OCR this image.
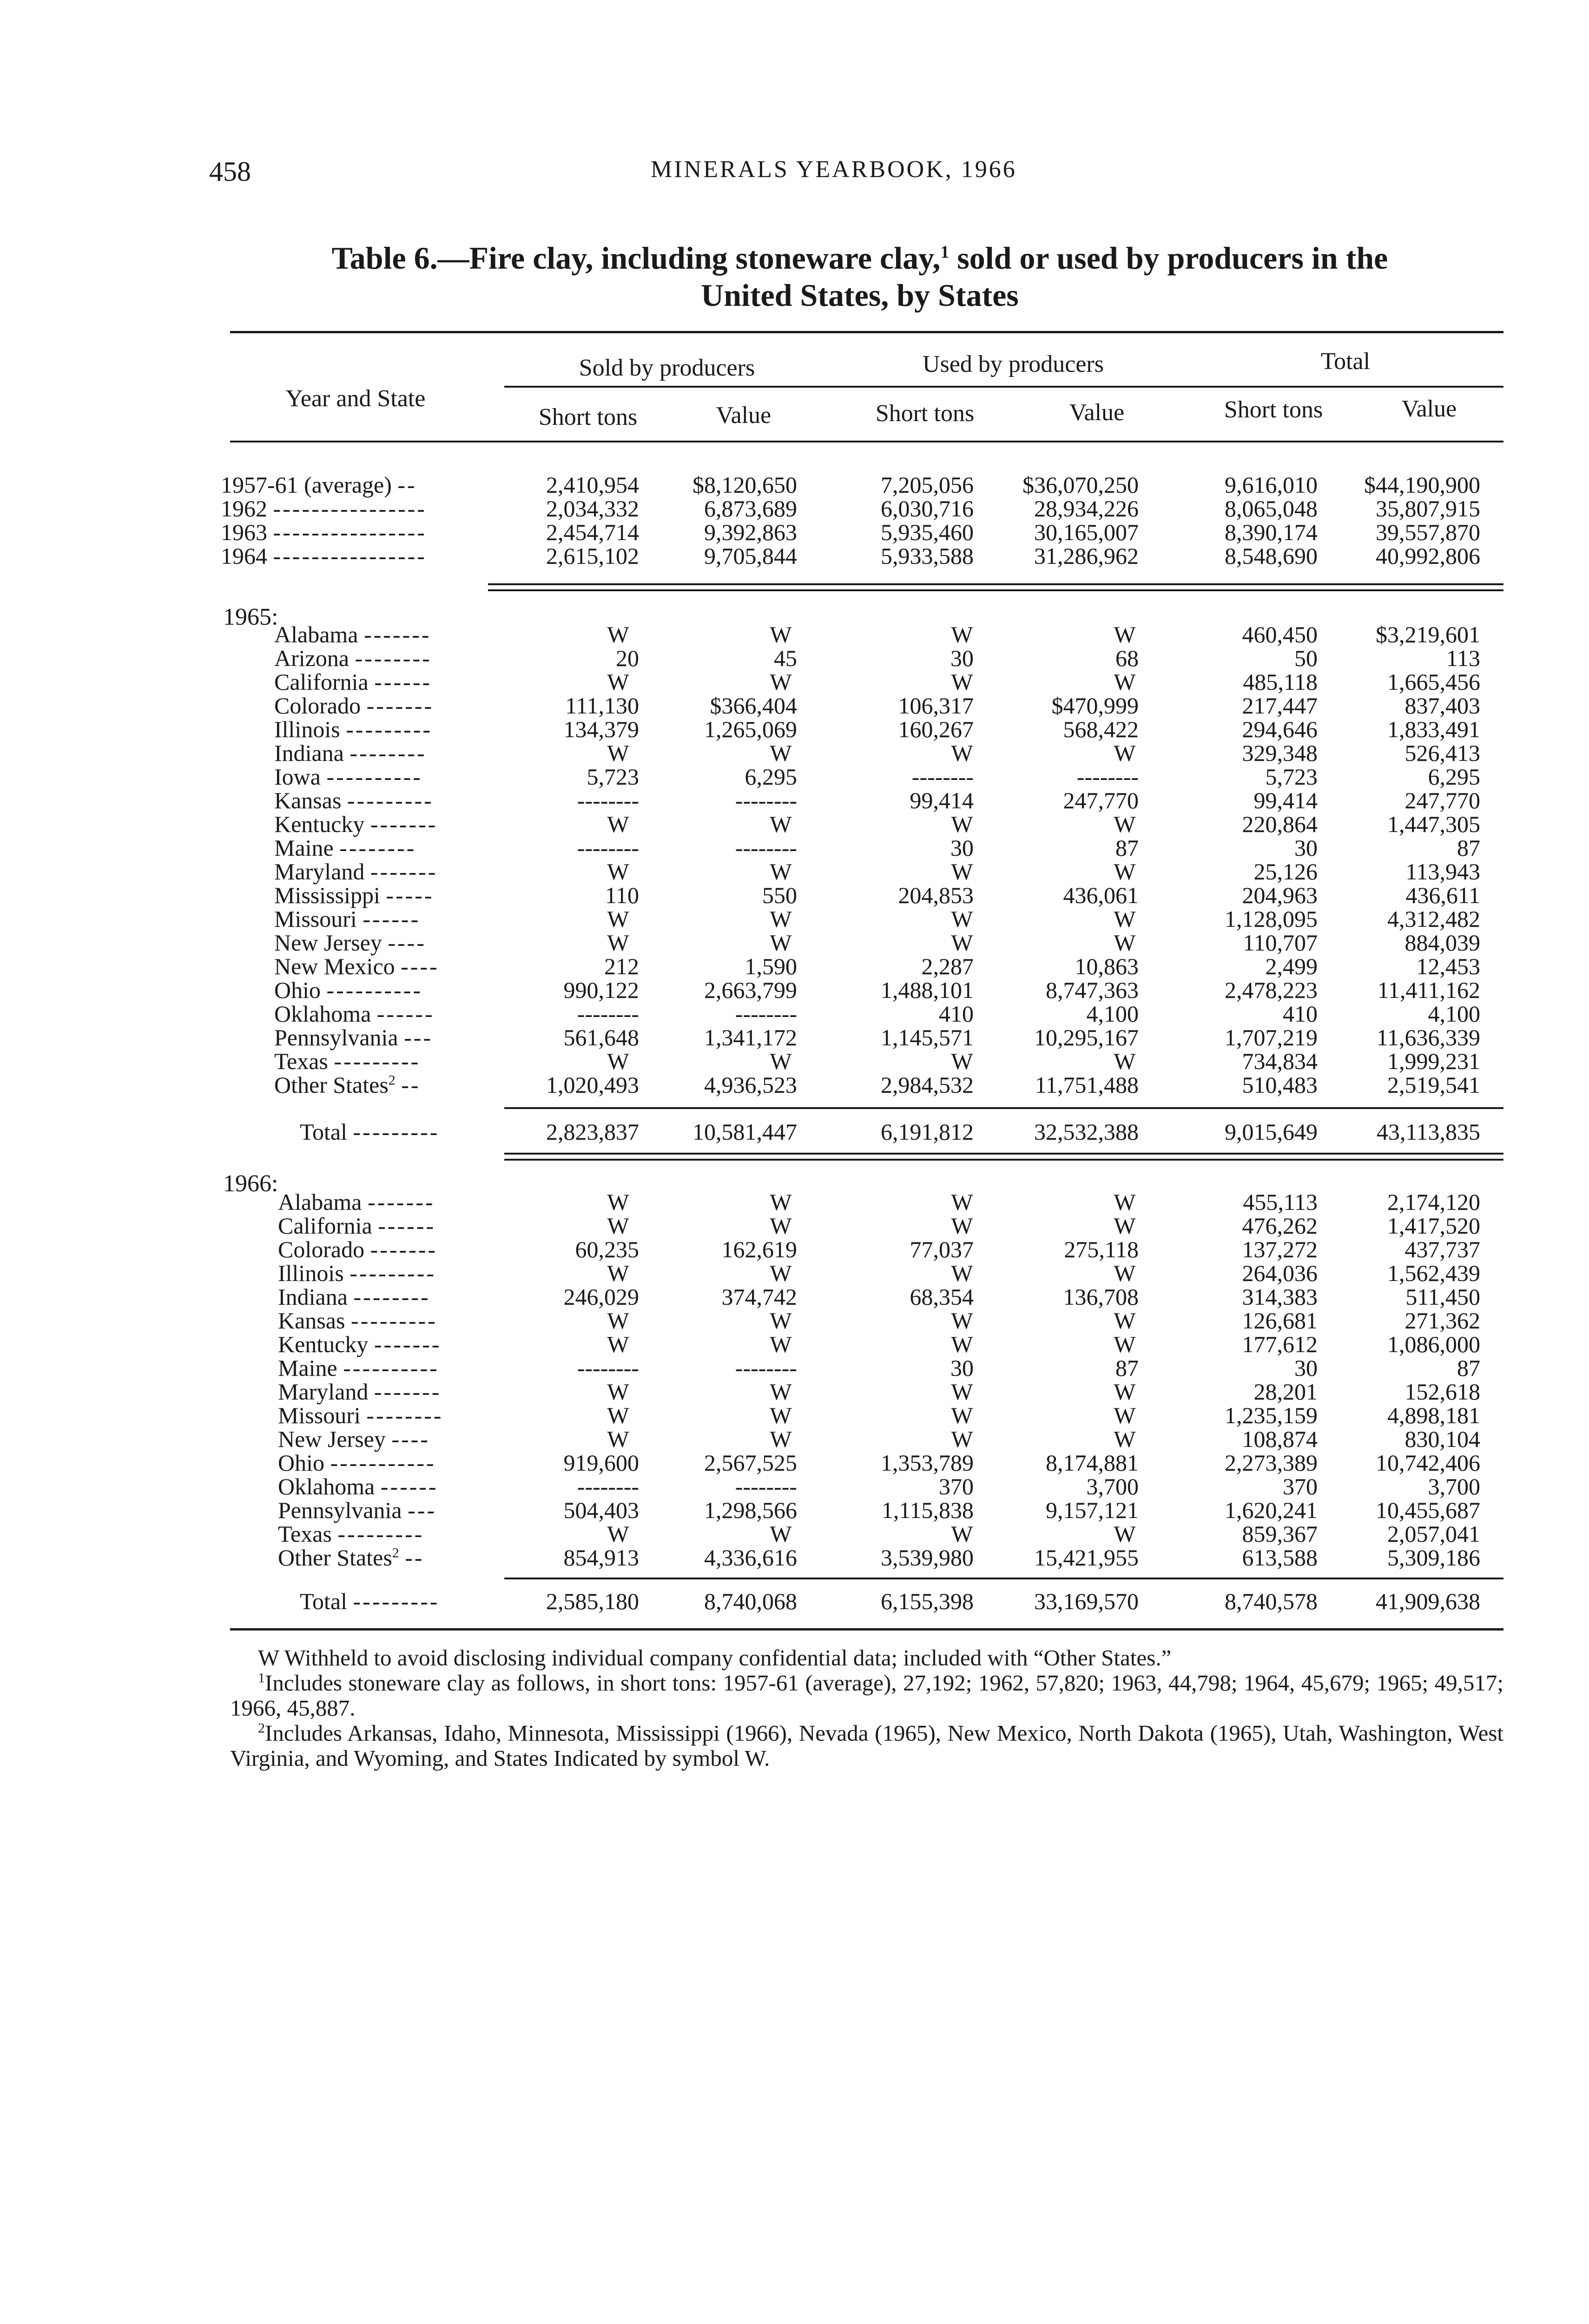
458	MINERALS YEARBOOK, 1966
Table 6.—Fire clay, including stoneware clay,$^1$ sold or used by producers in the
United States, by States
Year and State
Sold by producers	Used by producers	Total
Short tons	Value	Short tons	Value	Short tons	Value
1957-61 (average) --	2,410,954 $8,120,650	7,205,056 $36,070,250	9,616,010 $44,190,900
1962 ----------------	2,034,332	6,873,689	6,030,716	28,934,226	8,065,048	35,807,915
1963 ----------------	2,454,714	9,392,863	5,935,460	30,165,007	8,390,174	39,557,870
1964 ----------------	2,615,102	9,705,844	5,933,588	31,286,962	8,548,690	40,992,806
1965:
Alabama -------	W	W	W	W	460,450	$3,219,601
Arizona --------	20	45	30	68	50	113
California ------	W	W	W	W	485,118	1,665,456
Colorado -------	111,130	$366,404	106,317	$470,999	217,447	837,403
Illinois ---------	134,379	1,265,069	160,267	568,422	294,646	1,833,491
Indiana --------	W	W	W	W	329,348	526,413
Iowa ----------	5,723	6,295	--------	--------	5,723	6,295
Kansas ---------	--------	--------	99,414	247,770	99,414	247,770
Kentucky -------	W	W	W	W	220,864	1,447,305
Maine --------	--------	--------	30	87	30	87
Maryland -------	W	W	W	W	25,126	113,943
Mississippi -----	110	550	204,853	436,061	204,963	436,611
Missouri ------	W	W	W	W	1,128,095	4,312,482
New Jersey ----	W	W	W	W	110,707	884,039
New Mexico ----	212	1,590	2,287	10,863	2,499	12,453
Ohio ----------	990,122	2,663,799	1,488,101	8,747,363	2,478,223	11,411,162
Oklahoma ------	--------	--------	410	4,100	410	4,100
Pennsylvania ---	561,648	1,341,172	1,145,571	10,295,167	1,707,219	11,636,339
Texas ---------	W	W	W	W	734,834	1,999,231
Other States$^2$ --	1,020,493	4,936,523	2,984,532	11,751,488	510,483	2,519,541
Total ---------	2,823,837 10,581,447	6,191,812	32,532,388	9,015,649	43,113,835
1966:
Alabama -------	W	W	W	W	455,113	2,174,120
California ------	W	W	W	W	476,262	1,417,520
Colorado -------	60,235	162,619	77,037	275,118	137,272	437,737
Illinois ---------	W	W	W	W	264,036	1,562,439
Indiana --------	246,029	374,742	68,354	136,708	314,383	511,450
Kansas ---------	W	W	W	W	126,681	271,362
Kentucky -------	W	W	W	W	177,612	1,086,000
Maine ----------	--------	--------	30	87	30	87
Maryland -------	W	W	W	W	28,201	152,618
Missouri --------	W	W	W	W	1,235,159	4,898,181
New Jersey ----	W	W	W	W	108,874	830,104
Ohio -----------	919,600	2,567,525	1,353,789	8,174,881	2,273,389	10,742,406
Oklahoma ------	--------	--------	370	3,700	370	3,700
Pennsylvania ---	504,403	1,298,566	1,115,838	9,157,121	1,620,241	10,455,687
Texas ---------	W	W	W	W	859,367	2,057,041
Other States$^2$ --	854,913	4,336,616	3,539,980	15,421,955	613,588	5,309,186
Total ---------	2,585,180	8,740,068	6,155,398	33,169,570	8,740,578	41,909,638
W Withheld to avoid disclosing individual company confidential data; included with “Other States.”
$^1$Includes stoneware clay as follows, in short tons: 1957-61 (average), 27,192; 1962, 57,820; 1963, 44,798; 1964, 45,679; 1965; 49,517; 1966, 45,887.
$^2$Includes Arkansas, Idaho, Minnesota, Mississippi (1966), Nevada (1965), New Mexico, North Dakota (1965), Utah, Washington, West Virginia, and Wyoming, and States Indicated by symbol W.
